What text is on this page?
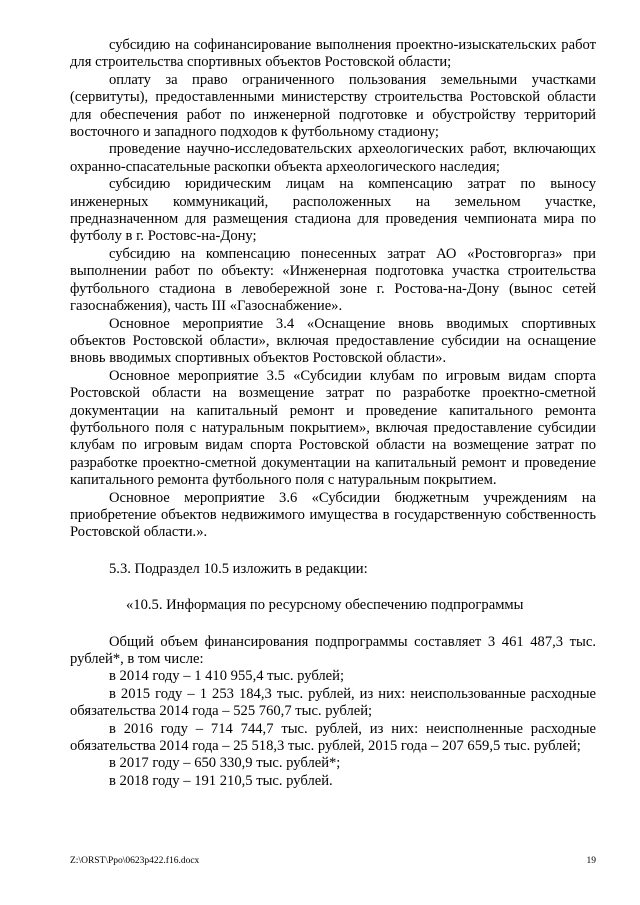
субсидию на софинансирование выполнения проектно-изыскательских работ для строительства спортивных объектов Ростовской области;

оплату за право ограниченного пользования земельными участками (сервитуты), предоставленными министерству строительства Ростовской области для обеспечения работ по инженерной подготовке и обустройству территорий восточного и западного подходов к футбольному стадиону;

проведение научно-исследовательских археологических работ, включающих охранно-спасательные раскопки объекта археологического наследия;

субсидию юридическим лицам на компенсацию затрат по выносу инженерных коммуникаций, расположенных на земельном участке, предназначенном для размещения стадиона для проведения чемпионата мира по футболу в г. Ростовс-на-Дону;

субсидию на компенсацию понесенных затрат АО «Ростовгоргаз» при выполнении работ по объекту: «Инженерная подготовка участка строительства футбольного стадиона в левобережной зоне г. Ростова-на-Дону (вынос сетей газоснабжения), часть III «Газоснабжение».

Основное мероприятие 3.4 «Оснащение вновь вводимых спортивных объектов Ростовской области», включая предоставление субсидии на оснащение вновь вводимых спортивных объектов Ростовской области».

Основное мероприятие 3.5 «Субсидии клубам по игровым видам спорта Ростовской области на возмещение затрат по разработке проектно-сметной документации на капитальный ремонт и проведение капитального ремонта футбольного поля с натуральным покрытием», включая предоставление субсидии клубам по игровым видам спорта Ростовской области на возмещение затрат по разработке проектно-сметной документации на капитальный ремонт и проведение капитального ремонта футбольного поля с натуральным покрытием.

Основное мероприятие 3.6 «Субсидии бюджетным учреждениям на приобретение объектов недвижимого имущества в государственную собственность Ростовской области.».

5.3. Подраздел 10.5 изложить в редакции:

«10.5. Информация по ресурсному обеспечению подпрограммы

Общий объем финансирования подпрограммы составляет 3 461 487,3 тыс. рублей*, в том числе:

в 2014 году – 1 410 955,4 тыс. рублей;

в 2015 году – 1 253 184,3 тыс. рублей, из них: неиспользованные расходные обязательства 2014 года – 525 760,7 тыс. рублей;

в 2016 году – 714 744,7 тыс. рублей, из них: неисполненные расходные обязательства 2014 года – 25 518,3 тыс. рублей, 2015 года – 207 659,5 тыс. рублей;

в 2017 году – 650 330,9 тыс. рублей*;

в 2018 году – 191 210,5 тыс. рублей.

Z:\ORST\Ppo\0623p422.f16.docx	19
